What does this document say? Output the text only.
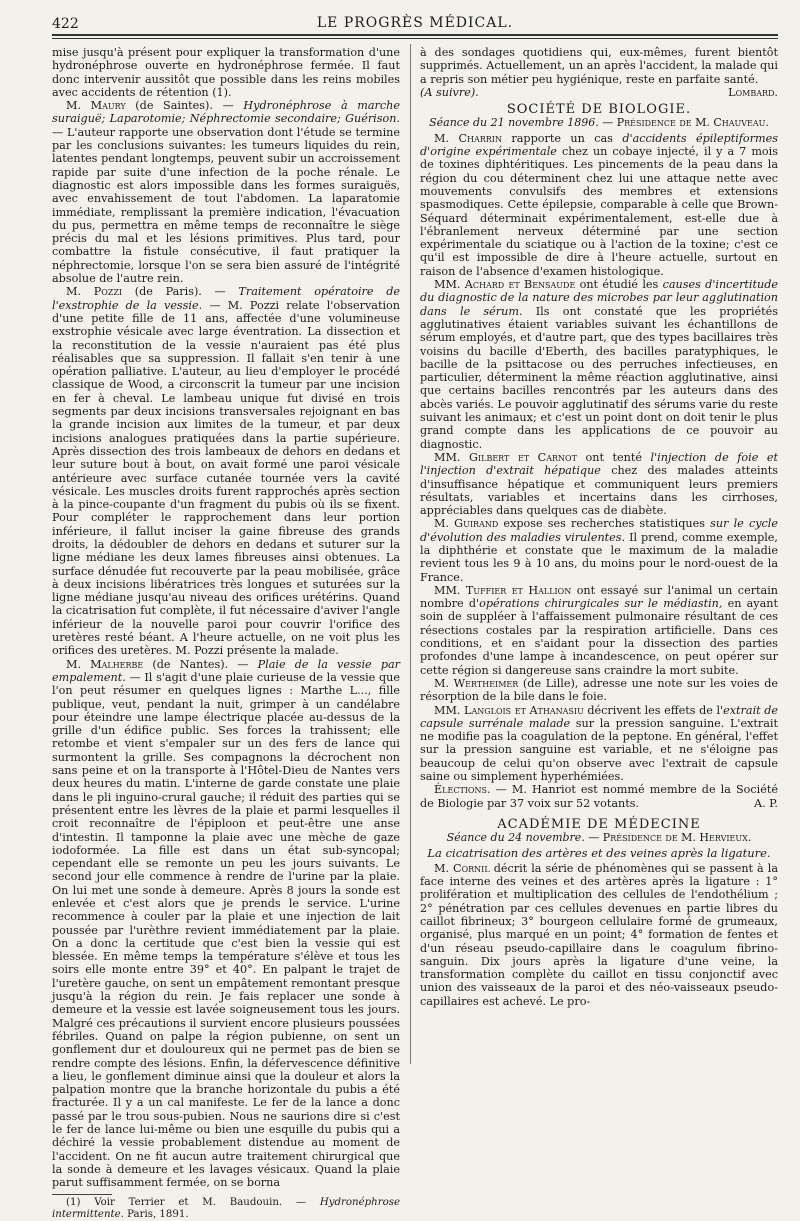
422	LE PROGRÈS MÉDICAL.

mise jusqu'à présent pour expliquer la transformation d'une hydronéphrose ouverte en hydronéphrose fermée. Il faut donc intervenir aussitôt que possible dans les reins mobiles avec accidents de rétention (1).

M. Maury (de Saintes). — Hydronéphrose à marche suraiguë; Laparotomie; Néphrectomie secondaire; Guérison. — L'auteur rapporte une observation dont l'étude se termine par les conclusions suivantes: les tumeurs liquides du rein, latentes pendant longtemps, peuvent subir un accroissement rapide par suite d'une infection de la poche rénale. Le diagnostic est alors impossible dans les formes suraiguës, avec envahissement de tout l'abdomen. La laparatomie immédiate, remplissant la première indication, l'évacuation du pus, permettra en même temps de reconnaître le siège précis du mal et les lésions primitives. Plus tard, pour combattre la fistule consécutive, il faut pratiquer la néphrectomie, lorsque l'on se sera bien assuré de l'intégrité absolue de l'autre rein.

M. Pozzi (de Paris). — Traitement opératoire de l'exstrophie de la vessie. — M. Pozzi relate l'observation d'une petite fille de 11 ans, affectée d'une volumineuse exstrophie vésicale avec large éventration. La dissection et la reconstitution de la vessie n'auraient pas été plus réalisables que sa suppression. Il fallait s'en tenir à une opération palliative. L'auteur, au lieu d'employer le procédé classique de Wood, a circonscrit la tumeur par une incision en fer à cheval. Le lambeau unique fut divisé en trois segments par deux incisions transversales rejoignant en bas la grande incision aux limites de la tumeur, et par deux incisions analogues pratiquées dans la partie supérieure. Après dissection des trois lambeaux de dehors en dedans et leur suture bout à bout, on avait formé une paroi vésicale antérieure avec surface cutanée tournée vers la cavité vésicale. Les muscles droits furent rapprochés après section à la pince-coupante d'un fragment du pubis où ils se fixent. Pour compléter le rapprochement dans leur portion inférieure, il fallut inciser la gaine fibreuse des grands droits, la dédoubler de dehors en dedans et suturer sur la ligne médiane les deux lames fibreuses ainsi obtenues. La surface dénudée fut recouverte par la peau mobilisée, grâce à deux incisions libératrices très longues et suturées sur la ligne médiane jusqu'au niveau des orifices urétérins. Quand la cicatrisation fut complète, il fut nécessaire d'aviver l'angle inférieur de la nouvelle paroi pour couvrir l'orifice des uretères resté béant. A l'heure actuelle, on ne voit plus les orifices des uretères. M. Pozzi présente la malade.

M. Malherbe (de Nantes). — Plaie de la vessie par empalement. — Il s'agit d'une plaie curieuse de la vessie que l'on peut résumer en quelques lignes : Marthe L..., fille publique, veut, pendant la nuit, grimper à un candélabre pour éteindre une lampe électrique placée au-dessus de la grille d'un édifice public. Ses forces la trahissent; elle retombe et vient s'empaler sur un des fers de lance qui surmontent la grille. Ses compagnons la décrochent non sans peine et on la transporte à l'Hôtel-Dieu de Nantes vers deux heures du matin. L'interne de garde constate une plaie dans le pli inguino-crural gauche; il réduit des parties qui se présentent entre les lèvres de la plaie et parmi lesquelles il croit reconnaître de l'épiploon et peut-être une anse d'intestin. Il tamponne la plaie avec une mèche de gaze iodoformée. La fille est dans un état sub-syncopal; cependant elle se remonte un peu les jours suivants. Le second jour elle commence à rendre de l'urine par la plaie. On lui met une sonde à demeure. Après 8 jours la sonde est enlevée et c'est alors que je prends le service. L'urine recommence à couler par la plaie et une injection de lait poussée par l'urèthre revient immédiatement par la plaie. On a donc la certitude que c'est bien la vessie qui est blessée. En même temps la température s'élève et tous les soirs elle monte entre 39° et 40°. En palpant le trajet de l'uretère gauche, on sent un empâtement remontant presque jusqu'à la région du rein. Je fais replacer une sonde à demeure et la vessie est lavée soigneusement tous les jours. Malgré ces précautions il survient encore plusieurs poussées fébriles. Quand on palpe la région pubienne, on sent un gonflement dur et douloureux qui ne permet pas de bien se rendre compte des lésions. Enfin, la défervescence définitive a lieu, le gonflement diminue ainsi que la douleur et alors la palpation montre que la branche horizontale du pubis a été fracturée. Il y a un cal manifeste. Le fer de la lance a donc passé par le trou sous-pubien. Nous ne saurions dire si c'est le fer de lance lui-même ou bien une esquille du pubis qui a déchiré la vessie probablement distendue au moment de l'accident. On ne fit aucun autre traitement chirurgical que la sonde à demeure et les lavages vésicaux. Quand la plaie parut suffisamment fermée, on se borna

(1) Voir Terrier et M. Baudouin. — Hydronéphrose intermittente. Paris, 1891.

à des sondages quotidiens qui, eux-mêmes, furent bientôt supprimés. Actuellement, un an après l'accident, la malade qui a repris son métier peu hygiénique, reste en parfaite santé.

(A suivre).	Lombard.
SOCIÉTÉ DE BIOLOGIE.
Séance du 21 novembre 1896. — Présidence de M. Chauveau.

M. Charrin rapporte un cas d'accidents épileptiformes d'origine expérimentale chez un cobaye injecté, il y a 7 mois de toxines diphtéritiques. Les pincements de la peau dans la région du cou déterminent chez lui une attaque nette avec mouvements convulsifs des membres et extensions spasmodiques. Cette épilepsie, comparable à celle que Brown-Séquard déterminait expérimentalement, est-elle due à l'ébranlement nerveux déterminé par une section expérimentale du sciatique ou à l'action de la toxine; c'est ce qu'il est impossible de dire à l'heure actuelle, surtout en raison de l'absence d'examen histologique.

MM. Achard et Bensaude ont étudié les causes d'incertitude du diagnostic de la nature des microbes par leur agglutination dans le sérum. Ils ont constaté que les propriétés agglutinatives étaient variables suivant les échantillons de sérum employés, et d'autre part, que des types bacillaires très voisins du bacille d'Eberth, des bacilles paratyphiques, le bacille de la psittacose ou des perruches infectieuses, en particulier, déterminent la même réaction agglutinative, ainsi que certains bacilles rencontrés par les auteurs dans des abcès variés. Le pouvoir agglutinatif des sérums varie du reste suivant les animaux; et c'est un point dont on doit tenir le plus grand compte dans les applications de ce pouvoir au diagnostic.

MM. Gilbert et Carnot ont tenté l'injection de foie et l'injection d'extrait hépatique chez des malades atteints d'insuffisance hépatique et communiquent leurs premiers résultats, variables et incertains dans les cirrhoses, appréciables dans quelques cas de diabète.

M. Guirand expose ses recherches statistiques sur le cycle d'évolution des maladies virulentes. Il prend, comme exemple, la diphthérie et constate que le maximum de la maladie revient tous les 9 à 10 ans, du moins pour le nord-ouest de la France.

MM. Tuffier et Hallion ont essayé sur l'animal un certain nombre d'opérations chirurgicales sur le médiastin, en ayant soin de suppléer à l'affaissement pulmonaire résultant de ces résections costales par la respiration artificielle. Dans ces conditions, et en s'aidant pour la dissection des parties profondes d'une lampe à incandescence, on peut opérer sur cette région si dangereuse sans craindre la mort subite.

M. Wertheimer (de Lille), adresse une note sur les voies de résorption de la bile dans le foie.

MM. Langlois et Athanasiu décrivent les effets de l'extrait de capsule surrénale malade sur la pression sanguine. L'extrait ne modifie pas la coagulation de la peptone. En général, l'effet sur la pression sanguine est variable, et ne s'éloigne pas beaucoup de celui qu'on observe avec l'extrait de capsule saine ou simplement hyperhémiées.

Élections. — M. Hanriot est nommé membre de la Société de Biologie par 37 voix sur 52 votants.	A. P.

ACADÉMIE DE MÉDECINE
Séance du 24 novembre. — Présidence de M. Hervieux.
La cicatrisation des artères et des veines après la ligature.

M. Cornil décrit la série de phénomènes qui se passent à la face interne des veines et des artères après la ligature : 1° prolifération et multiplication des cellules de l'endothélium ; 2° pénétration par ces cellules devenues en partie libres du caillot fibrineux; 3° bourgeon cellulaire formé de grumeaux, organisé, plus marqué en un point; 4° formation de fentes et d'un réseau pseudo-capillaire dans le coagulum fibrino-sanguin. Dix jours après la ligature d'une veine, la transformation complète du caillot en tissu conjonctif avec union des vaisseaux de la paroi et des néo-vaisseaux pseudo-capillaires est achevé. Le pro-
